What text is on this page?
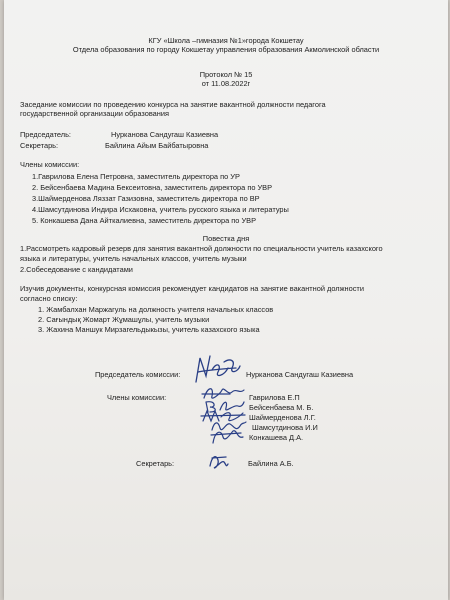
КГУ «Школа –гимназия №1»города Кокшетау
Отдела образования по городу Кокшетау управления образования Акмолинской области
Протокол № 15
от 11.08.2022г
Заседание комиссии по проведению конкурса на занятие вакантной должности педагога
государственной организации образования
Председатель:	Нурканова Сандугаш Казиевна
Секретарь:	Байлина Айым Байбатыровна
Члены комиссии:
1.Гаврилова Елена Петровна, заместитель директора по УР
2. Бейсенбаева Мадина Бексеитовна, заместитель директора по УВР
3.Шаймерденова Ляззат Газизовна, заместитель директора по ВР
4.Шамсутдинова Индира Исхаковна, учитель русского языка и литературы
5. Конкашева Дана Айткалиевна, заместитель директора по УВР
Повестка дня
1.Рассмотреть кадровый резерв для занятия вакантной должности по специальности учитель казахского
языка и литературы, учитель начальных классов, учитель музыки
2.Собеседование с кандидатами
Изучив документы, конкурсная комиссия рекомендует кандидатов на занятие вакантной должности
согласно списку:
1. Жамбалхан Маржагуль на должность учителя начальных классов
2. Сағындық Жомарт Жұмашұлы, учитель музыки
3. Жахина Маншук Мирзагельдыкызы, учитель казахского языка
Председатель комиссии:	Нурканова Сандугаш Казиевна
Члены комиссии:	Гаврилова Е.П
Бейсенбаева М. Б.
Шаймерденова Л.Г.
Шамсутдинова И.И
Конкашева Д.А.
Секретарь:	Байлина А.Б.
